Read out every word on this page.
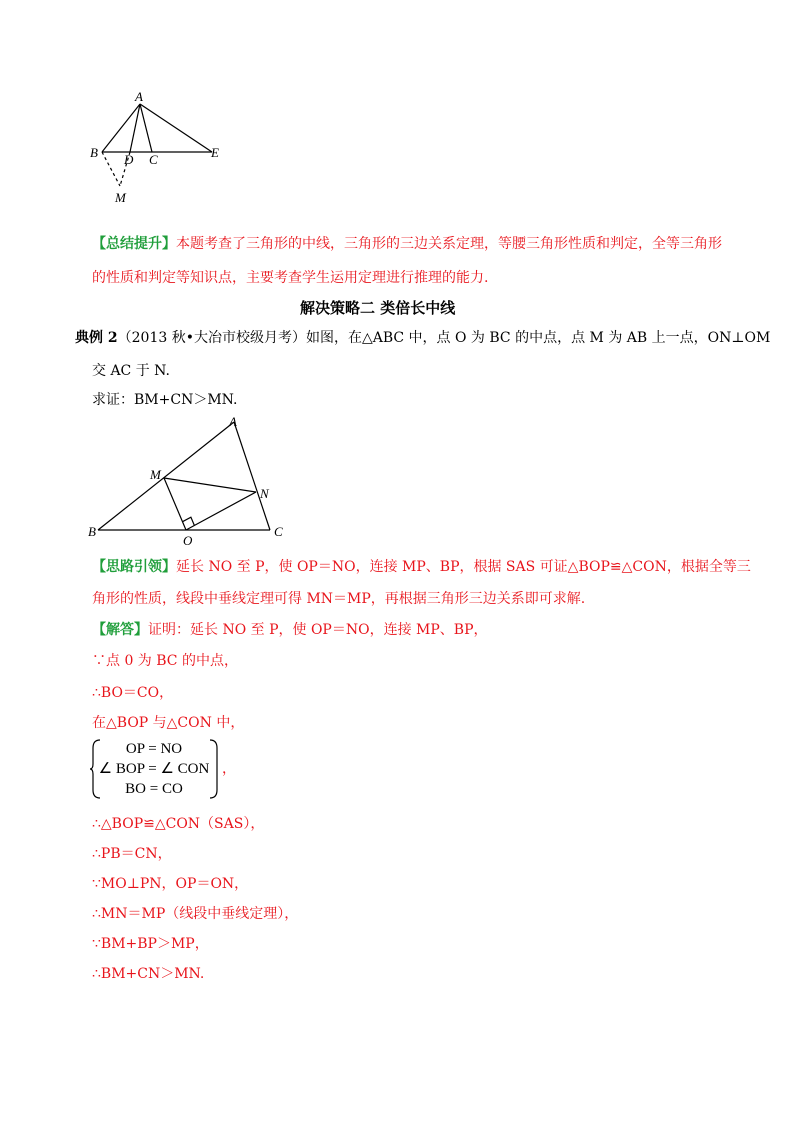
A
B D C	E
M
【总结提升】本题考查了三角形的中线，三角形的三边关系定理，等腰三角形性质和判定，全等三角形
的性质和判定等知识点，主要考查学生运用定理进行推理的能力.
解决策略二 类倍长中线
典例 2（2013 秋•大冶市校级月考）如图，在△ABC 中，点 O 为 BC 的中点，点 M 为 AB 上一点，ON⊥OM
交 AC 于 N.
求证：BM+CN＞MN.
A
M
N
B
O
C
【思路引领】延长 NO 至 P，使 OP＝NO，连接 MP、BP，根据 SAS 可证△BOP≌△CON，根据全等三
角形的性质，线段中垂线定理可得 MN＝MP，再根据三角形三边关系即可求解.
【解答】证明：延长 NO 至 P，使 OP＝NO，连接 MP、BP，
∵点 0 为 BC 的中点，
∴BO＝CO，
在△BOP 与△CON 中，
OP = NO
∠ BOP = ∠ CON
BO = CO
，
∴△BOP≌△CON（SAS），
∴PB＝CN，
∵MO⊥PN，OP＝ON，
∴MN＝MP（线段中垂线定理），
∵BM+BP＞MP，
∴BM+CN＞MN.
